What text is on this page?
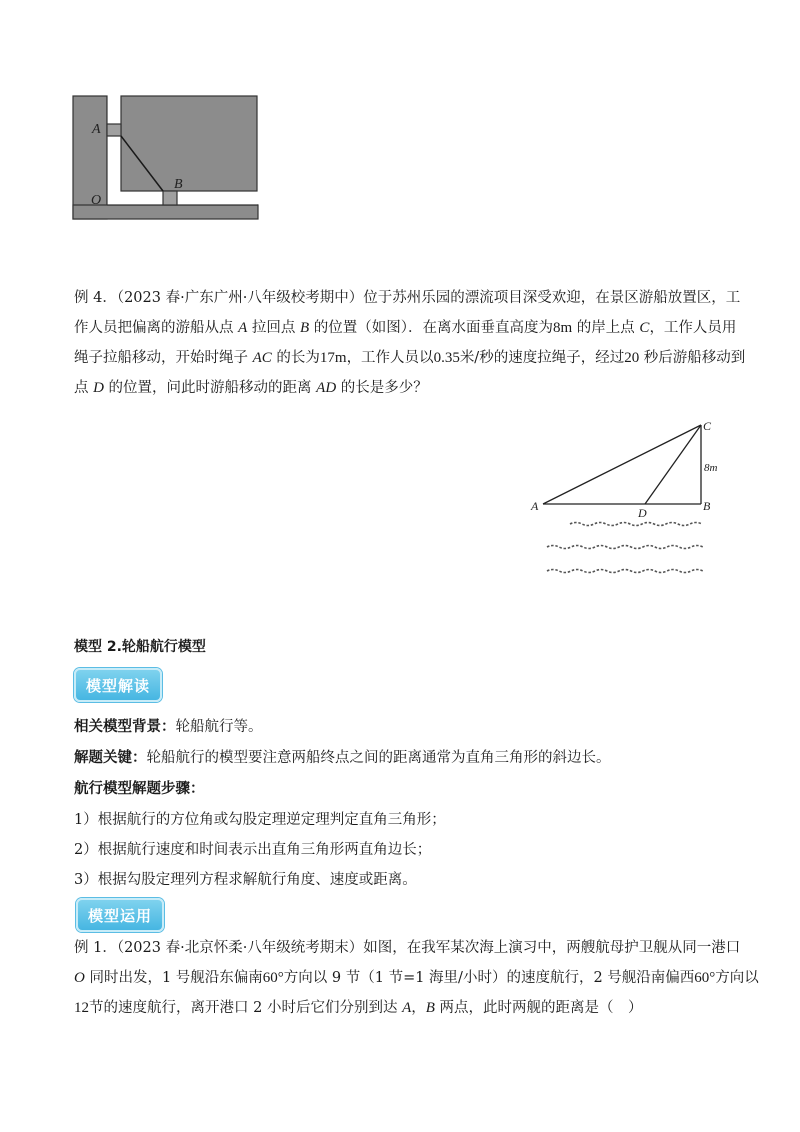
A
B
O
例 4．（2023 春·广东广州·八年级校考期中）位于苏州乐园的漂流项目深受欢迎，在景区游船放置区，工
作人员把偏离的游船从点 A 拉回点 B 的位置（如图）．在离水面垂直高度为8m 的岸上点 C，工作人员用
绳子拉船移动，开始时绳子 AC 的长为17m，工作人员以0.35米/秒的速度拉绳子，经过20 秒后游船移动到
点 D 的位置，问此时游船移动的距离 AD 的长是多少？
A	B
C
D
8m
模型 2.轮船航行模型
模型解读
相关模型背景：轮船航行等。
解题关键：轮船航行的模型要注意两船终点之间的距离通常为直角三角形的斜边长。
航行模型解题步骤：
1）根据航行的方位角或勾股定理逆定理判定直角三角形；
2）根据航行速度和时间表示出直角三角形两直角边长；
3）根据勾股定理列方程求解航行角度、速度或距离。
模型运用
例 1．（2023 春·北京怀柔·八年级统考期末）如图，在我军某次海上演习中，两艘航母护卫舰从同一港口
O 同时出发，1 号舰沿东偏南60°方向以 9 节（1 节=1 海里/小时）的速度航行，2 号舰沿南偏西60°方向以
12节的速度航行，离开港口 2 小时后它们分别到达 A，B 两点，此时两舰的距离是（　）
